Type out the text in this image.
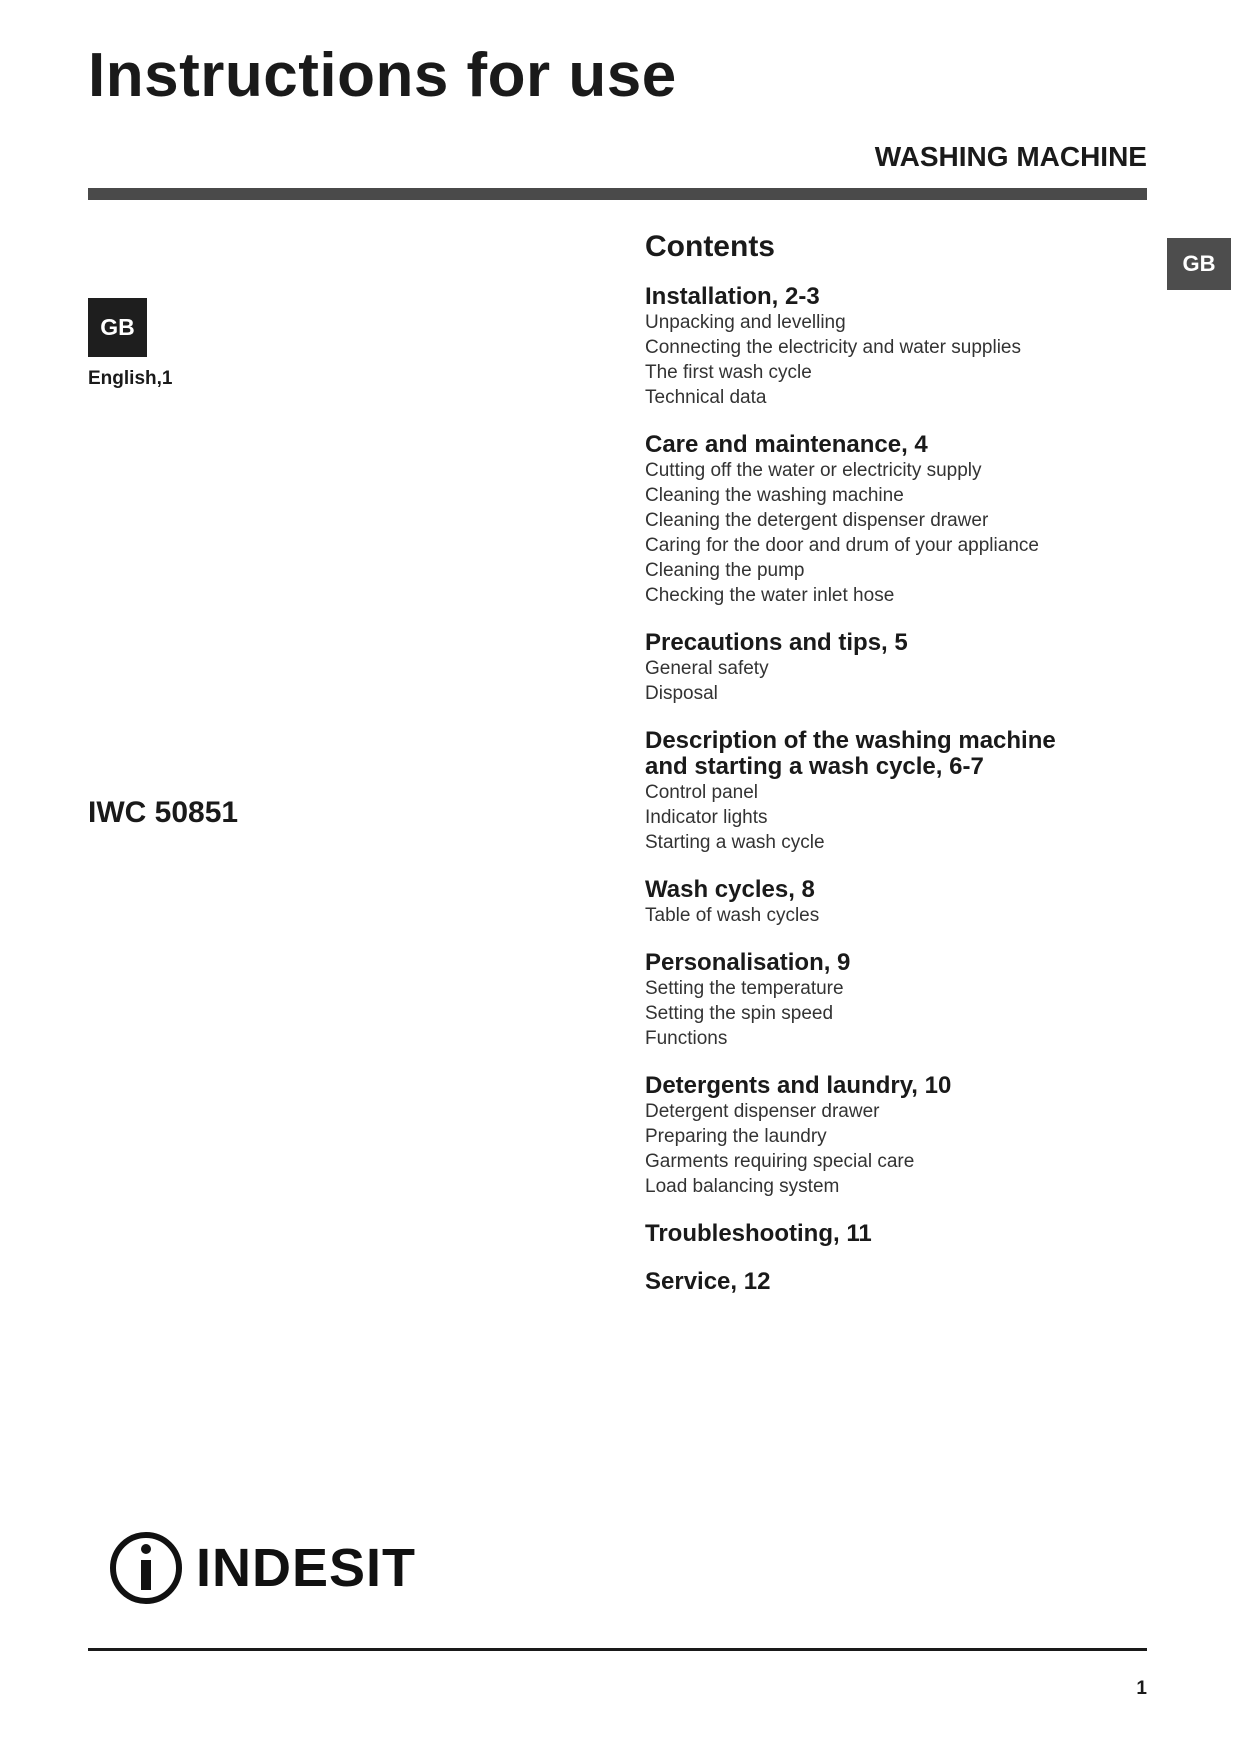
Instructions for use
WASHING MACHINE
GB
GB
English,1
IWC 50851
Contents
Installation, 2-3
Unpacking and levelling
Connecting the electricity and water supplies
The first wash cycle
Technical data
Care and maintenance, 4
Cutting off the water or electricity supply
Cleaning the washing machine
Cleaning the detergent dispenser drawer
Caring for the door and drum of your appliance
Cleaning the pump
Checking the water inlet hose
Precautions and tips, 5
General safety
Disposal
Description of the washing machine
and starting a wash cycle, 6-7
Control panel
Indicator lights
Starting a wash cycle
Wash cycles, 8
Table of wash cycles
Personalisation, 9
Setting the temperature
Setting the spin speed
Functions
Detergents and laundry, 10
Detergent dispenser drawer
Preparing the laundry
Garments requiring special care
Load balancing system
Troubleshooting, 11
Service, 12
INDESIT
1
